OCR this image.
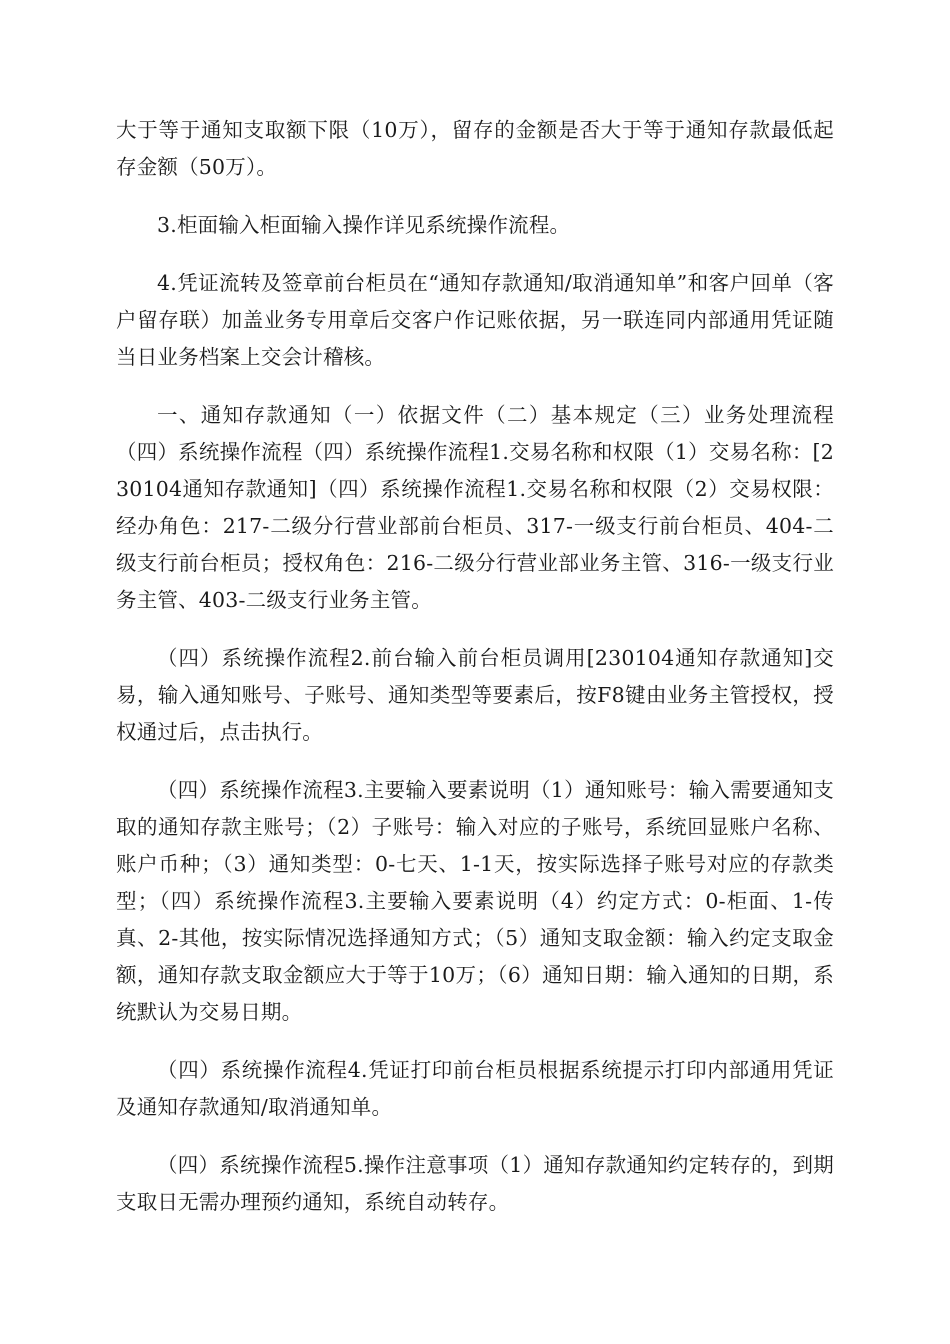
大于等于通知支取额下限（10万），留存的金额是否大于等于通知存款最低起存金额（50万）。

3.柜面输入柜面输入操作详见系统操作流程。

4.凭证流转及签章前台柜员在“通知存款通知/取消通知单”和客户回单（客户留存联）加盖业务专用章后交客户作记账依据，另一联连同内部通用凭证随当日业务档案上交会计稽核。

一、通知存款通知（一）依据文件（二）基本规定（三）业务处理流程（四）系统操作流程（四）系统操作流程1.交易名称和权限（1）交易名称：[230104通知存款通知]（四）系统操作流程1.交易名称和权限（2）交易权限：经办角色：217-二级分行营业部前台柜员、317-一级支行前台柜员、404-二级支行前台柜员；授权角色：216-二级分行营业部业务主管、316-一级支行业务主管、403-二级支行业务主管。

（四）系统操作流程2.前台输入前台柜员调用[230104通知存款通知]交易，输入通知账号、子账号、通知类型等要素后，按F8键由业务主管授权，授权通过后，点击执行。

（四）系统操作流程3.主要输入要素说明（1）通知账号：输入需要通知支取的通知存款主账号；（2）子账号：输入对应的子账号，系统回显账户名称、账户币种；（3）通知类型：0-七天、1-1天，按实际选择子账号对应的存款类型；（四）系统操作流程3.主要输入要素说明（4）约定方式：0-柜面、1-传真、2-其他，按实际情况选择通知方式；（5）通知支取金额：输入约定支取金额，通知存款支取金额应大于等于10万；（6）通知日期：输入通知的日期，系统默认为交易日期。

（四）系统操作流程4.凭证打印前台柜员根据系统提示打印内部通用凭证及通知存款通知/取消通知单。

（四）系统操作流程5.操作注意事项（1）通知存款通知约定转存的，到期支取日无需办理预约通知，系统自动转存。
